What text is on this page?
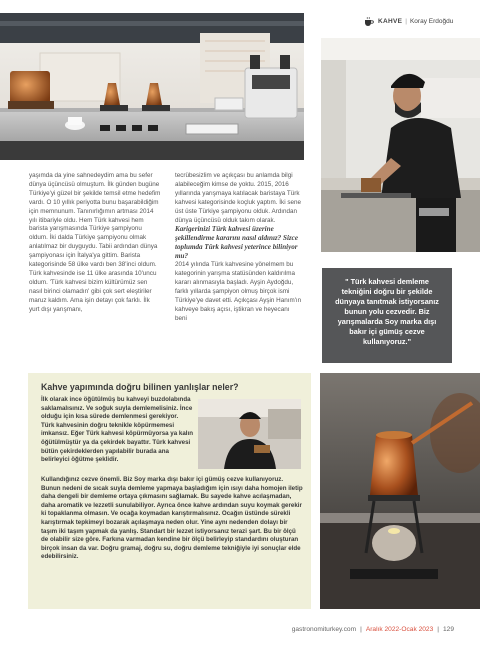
KAHVE | Koray Erdoğdu

yaşımda da yine sahnedeydim ama bu sefer dünya üçüncüsü olmuştum. İlk günden bugüne Türkiye'yi güzel bir şekilde temsil etme hedefim vardı. O 10 yıllık periyotta bunu başarabildiğim için memnunum. Tanınırlığımın artması 2014 yılı itibariyle oldu. Hem Türk kahvesi hem barista yarışmasında Türkiye şampiyonu oldum. İki dalda Türkiye şampiyonu olmak anlatılmaz bir duyguydu. Tabii ardından dünya şampiyonası için İtalya'ya gittim. Barista kategorisinde 58 ülke vardı ben 38'inci oldum. Türk kahvesinde ise 11 ülke arasında 10'uncu oldum. 'Türk kahvesi bizim kültürümüz sen nasıl birinci olamadın' gibi çok sert eleştiriler maruz kaldım. Ama işin detayı çok farklı. İlk yurt dışı yarışmanı,

tecrübesizlim ve açıkçası bu anlamda bilgi alabileceğim kimse de yoktu. 2015, 2016 yıllarında yarışmaya katılacak baristaya Türk kahvesi kategorisinde koçluk yaptım. İki sene üst üste Türkiye şampiyonu olduk. Ardından dünya üçüncüsü olduk takım olarak.

Karigerinizi Türk kahvesi üzerine şekillendirme kararını nasıl aldınız? Sizce toplumda Türk kahvesi yeterince biliniyor mu?

2014 yılında Türk kahvesine yönelmem bu kategorinin yarışma statüsünden kaldırılma kararı alınmasıyla başladı. Ayşin Aydoğdu, farklı yıllarda şampiyon olmuş birçok ismi Türkiye'ye davet etti. Açıkçası Ayşin Hanım'ın kahveye bakış açısı, iştikran ve heyecanı beni

" Türk kahvesi demleme tekniğini doğru bir şekilde dünyaya tanıtmak istiyorsanız bunun yolu cezvedir. Biz yarışmalarda Soy marka dışı bakır içi gümüş cezve kullanıyoruz."
Kahve yapımında doğru bilinen yanlışlar neler?
İlk olarak ince öğütülmüş bu kahveyi buzdolabında saklamalısınız. Ve soğuk suyla demlemelisiniz. İnce olduğu için kısa sürede demlenmesi gerekiyor. Türk kahvesinin doğru teknikle köpürmemesi imkansız. Eğer Türk kahvesi köpürmüyorsa ya kalın öğütülmüştür ya da çekirdek bayattır. Türk kahvesi bütün çekirdeklerden yapılabilir burada ana belirleyici öğütme şeklidir.
Kullandığınız cezve önemli. Biz Soy marka dışı bakır içi gümüş cezve kullanıyoruz. Bunun nedeni de sıcak suyla demleme yapmaya başladığım için ısıyı daha homojen iletip daha dengeli bir demleme ortaya çıkmasını sağlamak. Bu sayede kahve acılaşmadan, daha aromatik ve lezzetli sunulabiliyor. Ayrıca önce kahve ardından suyu koymak gerekir ki topaklanma olmasın. Ve ocağa koymadan karıştırmalısınız. Ocağın üstünde sürekli karıştırmak tepkimeyi bozarak açılaşmaya neden olur. Yine aynı nedenden dolayı bir taşım iki taşım yapmak da yanlış. Standart bir lezzet istiyorsanız terazi şart. Bu bir ölçü de olabilir size göre. Farkına varmadan kendine bir ölçü belirleyip standardını oluşturan birçok insan da var. Doğru gramaj, doğru su, doğru demleme tekniğiyle iyi sonuçlar elde edebilirsiniz.
gastronomiturkey.com | Aralık 2022-Ocak 2023 | 129
